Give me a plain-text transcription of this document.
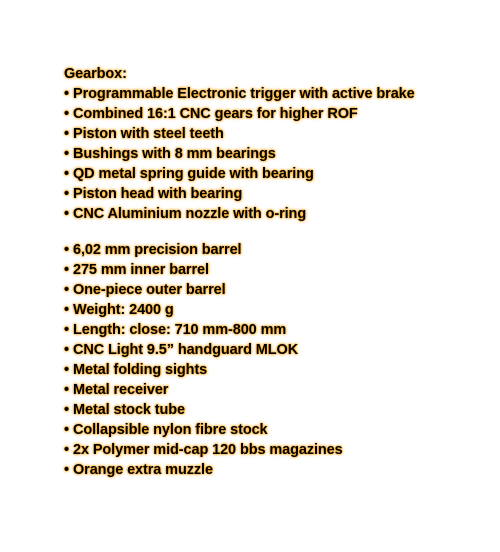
Gearbox:

• Programmable Electronic trigger with active brake
• Combined 16:1 CNC gears for higher ROF
• Piston with steel teeth
• Bushings with 8 mm bearings
• QD metal spring guide with bearing
• Piston head with bearing
• CNC Aluminium nozzle with o-ring
• 6,02 mm precision barrel
• 275 mm inner barrel
• One-piece outer barrel
• Weight: 2400 g
• Length: close: 710 mm-800 mm
• CNC Light 9.5” handguard MLOK
• Metal folding sights
• Metal receiver
• Metal stock tube
• Collapsible nylon fibre stock
• 2x Polymer mid-cap 120 bbs magazines
• Orange extra muzzle
